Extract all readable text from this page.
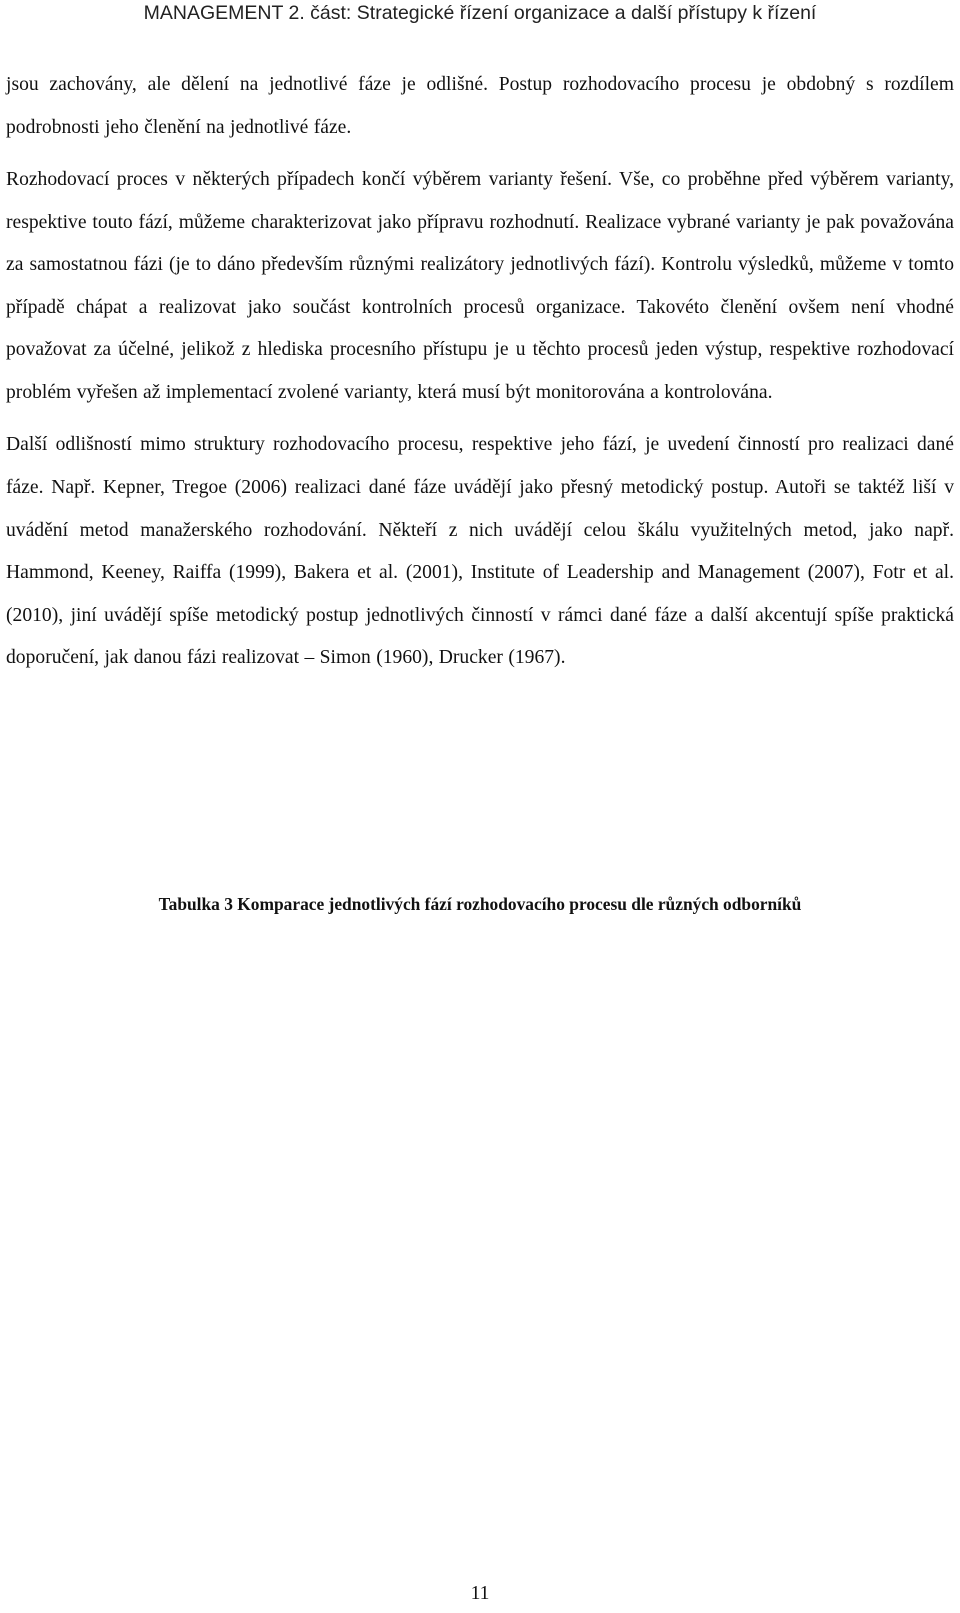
MANAGEMENT 2. část: Strategické řízení organizace a další přístupy k řízení

jsou zachovány, ale dělení na jednotlivé fáze je odlišné. Postup rozhodovacího procesu je obdobný s rozdílem podrobnosti jeho členění na jednotlivé fáze.

Rozhodovací proces v některých případech končí výběrem varianty řešení. Vše, co proběhne před výběrem varianty, respektive touto fází, můžeme charakterizovat jako přípravu rozhodnutí. Realizace vybrané varianty je pak považována za samostatnou fázi (je to dáno především různými realizátory jednotlivých fází). Kontrolu výsledků, můžeme v tomto případě chápat a realizovat jako součást kontrolních procesů organizace. Takovéto členění ovšem není vhodné považovat za účelné, jelikož z hlediska procesního přístupu je u těchto procesů jeden výstup, respektive rozhodovací problém vyřešen až implementací zvolené varianty, která musí být monitorována a kontrolována.

Další odlišností mimo struktury rozhodovacího procesu, respektive jeho fází, je uvedení činností pro realizaci dané fáze. Např. Kepner, Tregoe (2006) realizaci dané fáze uvádějí jako přesný metodický postup. Autoři se taktéž liší v uvádění metod manažerského rozhodování. Někteří z nich uvádějí celou škálu využitelných metod, jako např. Hammond, Keeney, Raiffa (1999), Bakera et al. (2001), Institute of Leadership and Management (2007), Fotr et al. (2010), jiní uvádějí spíše metodický postup jednotlivých činností v rámci dané fáze a další akcentují spíše praktická doporučení, jak danou fázi realizovat – Simon (1960), Drucker (1967).

Tabulka 3 Komparace jednotlivých fází rozhodovacího procesu dle různých odborníků
11
